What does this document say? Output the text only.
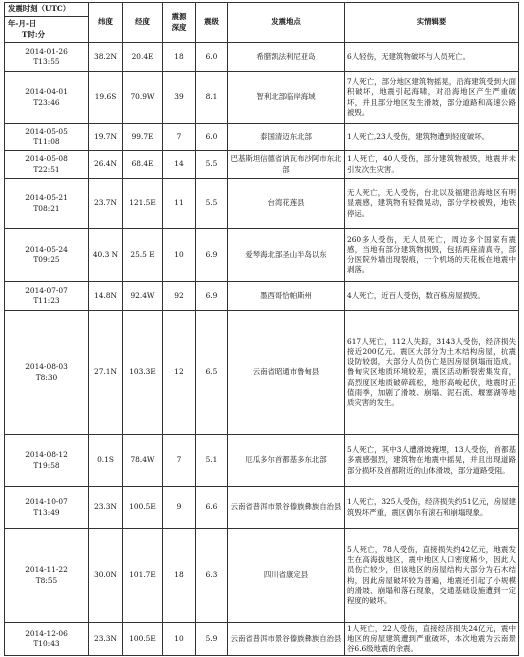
发震时刻（UTC）	纬度	经度	震源深度	震级	发震地点	实情辑要

年-月-日
T时:分						

2014-01-26
T13:55	38.2N	20.4E	18	6.0	希腊凯法利尼亚岛	6人轻伤，无建筑物破坏与人员死亡。

2014-04-01
T23:46	19.6S	70.9W	39	8.1	智利北部临岸海域	7人死亡，部分地区建筑物摇晃，沿海建筑受到大面积破坏，地震引起海啸，对沿海地区产生严重破坏，并且部分地区发生滑坡，部分道路和高速公路被毁。

2014-05-05
T11:08	19.7N	99.7E	7	6.0	泰国清迈东北部	1人死亡,23人受伤，建筑物遭到轻度破坏。

2014-05-08
T22:51	26.4N	68.4E	14	5.5	巴基斯坦信德省讷瓦布沙阿市东北部	1人死亡，40人受伤，部分建筑物被毁，地震并未引发次生灾害。

2014-05-21
T08:21	23.7N	121.5E	11	5.5	台湾花莲县	无人死亡，无人受伤，台北以及福建沿海地区有明显震感，建筑物有轻微晃动，部分学校被毁，地铁停运。

2014-05-24
T09:25	40.3 N	25.5 E	10	6.9	爱琴海北部圣山半岛以东	260多人受伤，无人员死亡，周边多个国家有震感，当地有部分建筑物损毁，包括两座清真寺，部分医院外墙出现裂痕，一个机场的天花板在地震中剥落。

2014-07-07
T11:23	14.8N	92.4W	92	6.9	墨西哥恰帕斯州	4人死亡，近百人受伤，数百栋房屋损毁。

2014-08-03
T8:30	27.1N	103.3E	12	6.5	云南省昭通市鲁甸县	617人死亡，112人失踪，3143人受伤，经济损失接近200亿元。震区大部分为土木结构房屋，抗震设防较弱，大部分人员伤亡是因房屋倒塌而造成。鲁甸灾区地质环境较差，震区活动断裂密集发育，高烈度区地质破碎疏松，地形高峻起伏，地震时正值雨季，加剧了滑坡、崩塌、泥石流、堰塞湖等地质灾害的发生。

2014-08-12
T19:58	0.1S	78.4W	7	5.1	厄瓜多尔首都基多东北部	5人死亡，其中3人遭滑坡掩埋，13人受伤，首都基多震感强烈，建筑物在地震中摇晃，并且出现道路部分损坏及首都附近的山体滑坡，部分道路受阻。

2014-10-07
T13:49	23.3N	100.5E	9	6.6	云南省普洱市景谷傣族彝族自治县	1人死亡，325人受伤，经济损失约51亿元，房屋建筑毁坏严重，震区偶尔有滚石和崩塌现象。

2014-11-22
T8:55	30.0N	101.7E	18	6.3	四川省康定县	5人死亡，78人受伤，直接损失约42亿元，地震发生在高海拔地区，震中地区人口密度稀少，因此人员伤亡较少，但该地区的房屋结构大部分为石木结构，因此房屋破坏较为普遍，地震还引起了小规模的滑坡、崩塌和落石现象，交通基础设施遭到一定程度的破坏。

2014-12-06
T10:43	23.3N	100.5E	10	5.9	云南省普洱市景谷傣族彝族自治县	1人死亡，22人受伤，直接经济损失24亿元，震中地区的房屋建筑遭到严重破坏，本次地震为云南景谷6.6级地震的余震。
